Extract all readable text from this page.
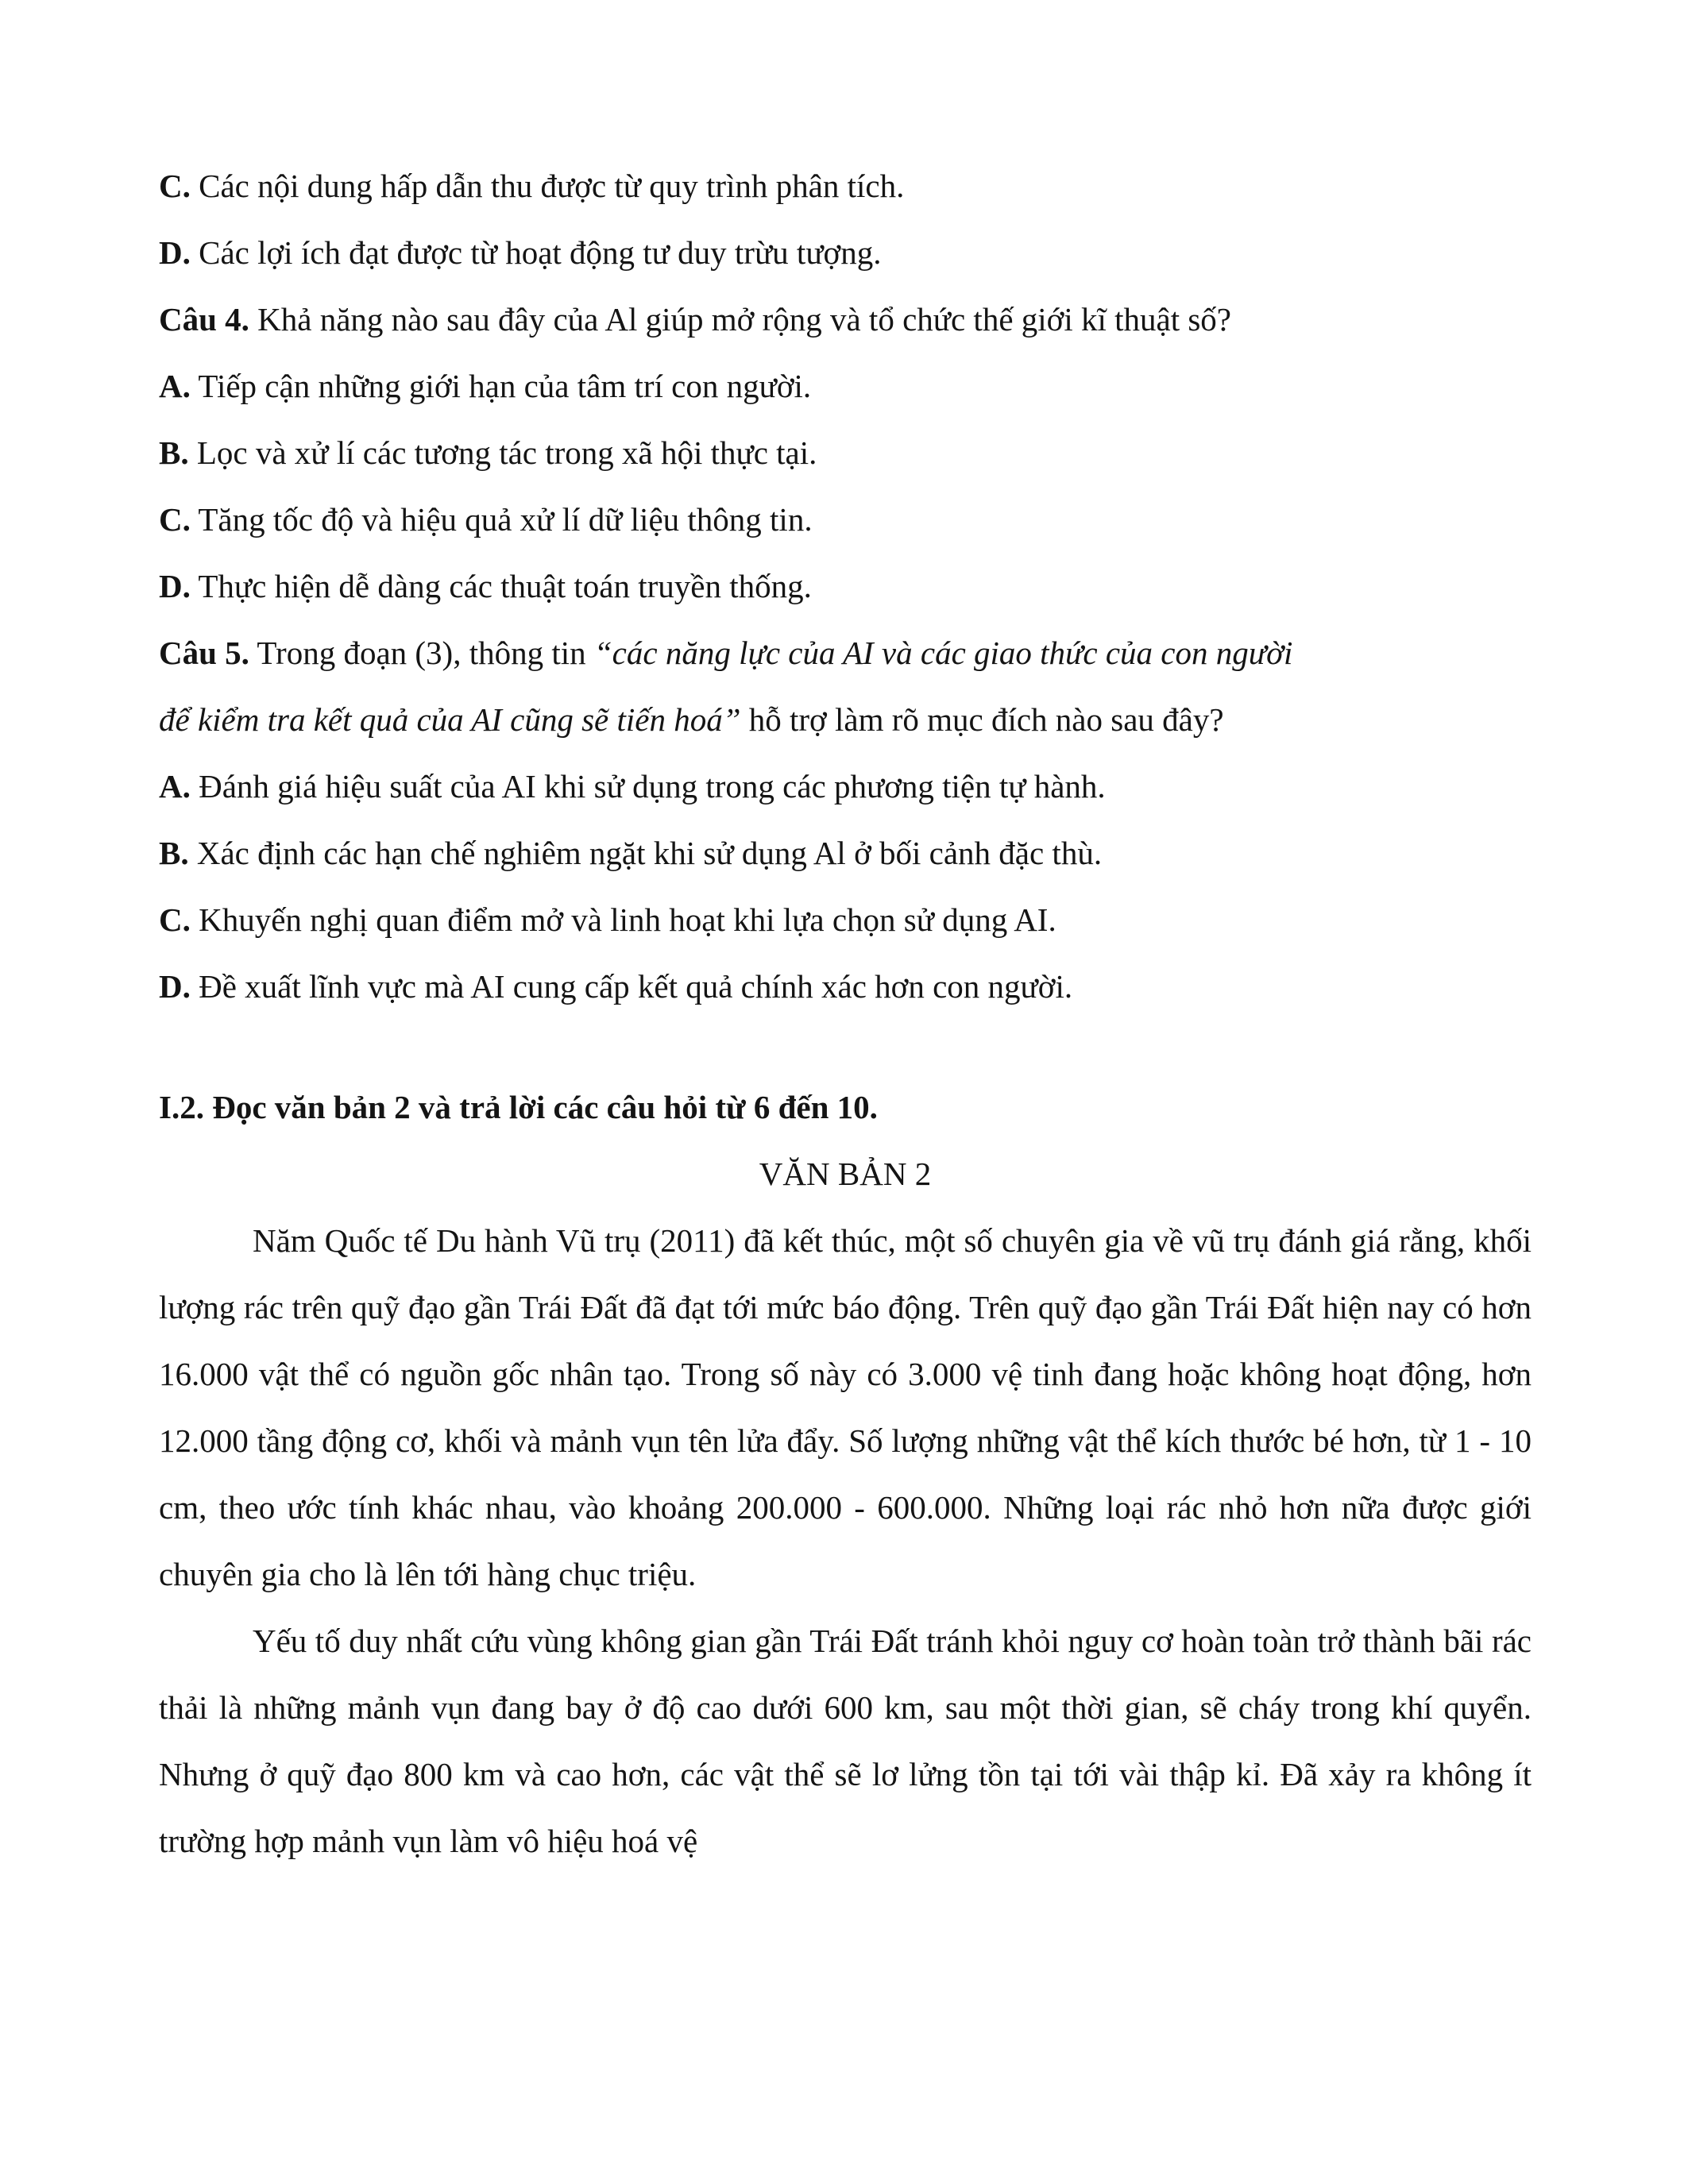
C. Các nội dung hấp dẫn thu được từ quy trình phân tích.

D. Các lợi ích đạt được từ hoạt động tư duy trừu tượng.

Câu 4. Khả năng nào sau đây của Al giúp mở rộng và tổ chức thế giới kĩ thuật số?

A. Tiếp cận những giới hạn của tâm trí con người.

B. Lọc và xử lí các tương tác trong xã hội thực tại.

C. Tăng tốc độ và hiệu quả xử lí dữ liệu thông tin.

D. Thực hiện dễ dàng các thuật toán truyền thống.

Câu 5. Trong đoạn (3), thông tin “các năng lực của AI và các giao thức của con người

để kiểm tra kết quả của AI cũng sẽ tiến hoá” hỗ trợ làm rõ mục đích nào sau đây?

A. Đánh giá hiệu suất của AI khi sử dụng trong các phương tiện tự hành.

B. Xác định các hạn chế nghiêm ngặt khi sử dụng Al ở bối cảnh đặc thù.

C. Khuyến nghị quan điểm mở và linh hoạt khi lựa chọn sử dụng AI.

D. Đề xuất lĩnh vực mà AI cung cấp kết quả chính xác hơn con người.

I.2. Đọc văn bản 2 và trả lời các câu hỏi từ 6 đến 10.

VĂN BẢN 2

Năm Quốc tế Du hành Vũ trụ (2011) đã kết thúc, một số chuyên gia về vũ trụ đánh giá rằng, khối lượng rác trên quỹ đạo gần Trái Đất đã đạt tới mức báo động. Trên quỹ đạo gần Trái Đất hiện nay có hơn 16.000 vật thể có nguồn gốc nhân tạo. Trong số này có 3.000 vệ tinh đang hoặc không hoạt động, hơn 12.000 tầng động cơ, khối và mảnh vụn tên lửa đẩy. Số lượng những vật thể kích thước bé hơn, từ 1 - 10 cm, theo ước tính khác nhau, vào khoảng 200.000 - 600.000. Những loại rác nhỏ hơn nữa được giới chuyên gia cho là lên tới hàng chục triệu.

Yếu tố duy nhất cứu vùng không gian gần Trái Đất tránh khỏi nguy cơ hoàn toàn trở thành bãi rác thải là những mảnh vụn đang bay ở độ cao dưới 600 km, sau một thời gian, sẽ cháy trong khí quyển. Nhưng ở quỹ đạo 800 km và cao hơn, các vật thể sẽ lơ lửng tồn tại tới vài thập kỉ. Đã xảy ra không ít trường hợp mảnh vụn làm vô hiệu hoá vệ
